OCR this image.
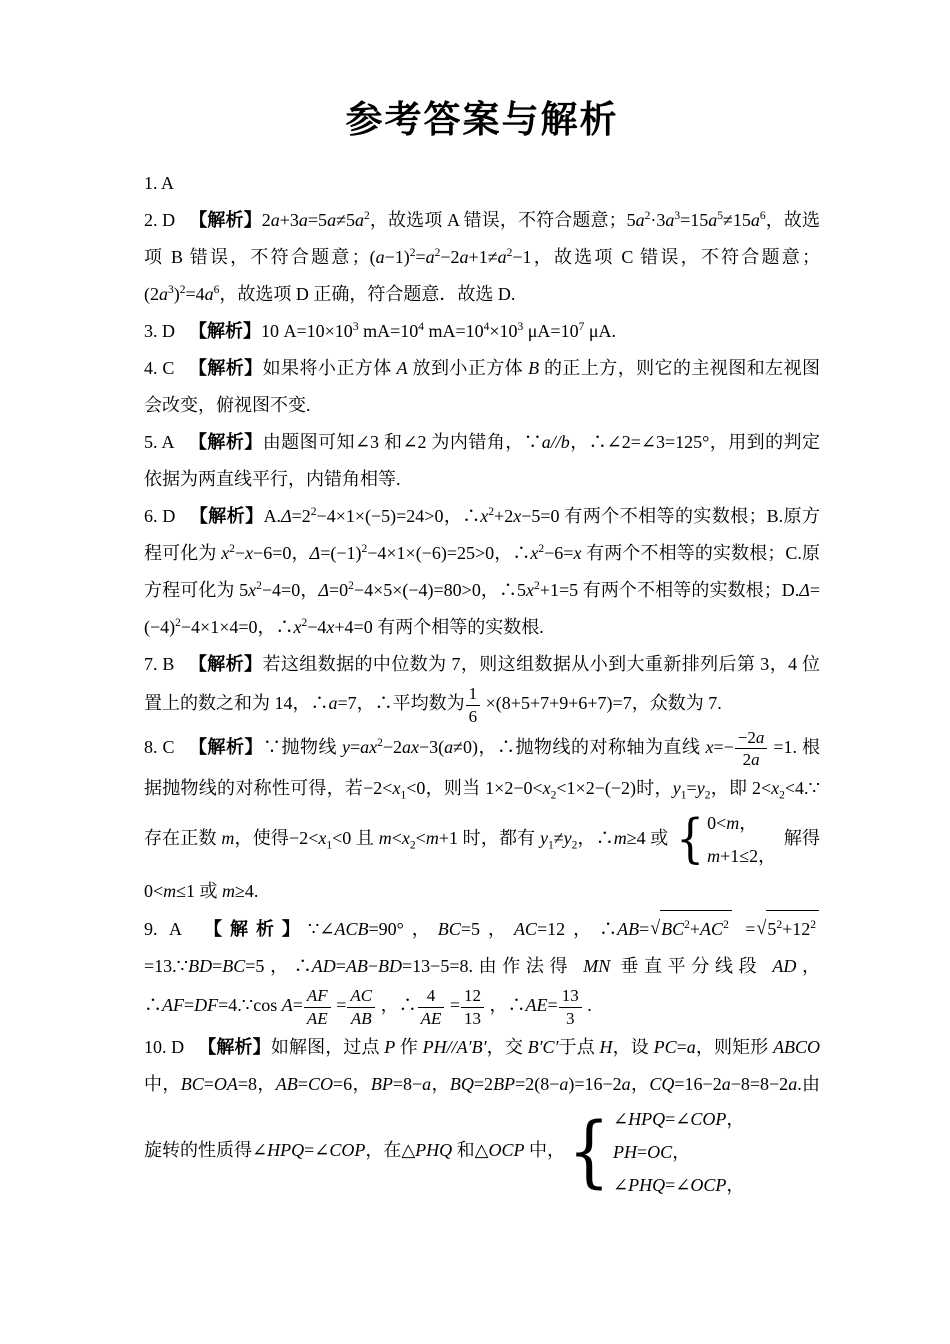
参考答案与解析

1. A

2. D 【解析】$2a+3a=5a\ne 5a^2$，故选项 A 错误，不符合题意；$5a^2\cdot 3a^3=15a^5\ne 15a^6$，故选项 B 错误，不符合题意；$(a-1)^2=a^2-2a+1\ne a^2-1$，故选项 C 错误，不符合题意；$(2a^3)^2=4a^6$，故选项 D 正确，符合题意．故选 D.

3. D 【解析】10 $A=10\times 10^3$ $mA=10^4$ $mA=10^4\times 10^3$ $\mu A=10^7$ μA.

4. C 【解析】如果将小正方体 A 放到小正方体 B 的正上方，则它的主视图和左视图会改变，俯视图不变.

5. A 【解析】由题图可知∠3 和∠2 为内错角，∵a//b，∴∠2=∠3=125°，用到的判定依据为两直线平行，内错角相等.

6. D 【解析】$A.\Delta=2^2-4\times 1\times(-5)=24>0$，$\therefore x^2+2x-5=0$ 有两个不相等的实数根；B.原方程可化为 $x^2-x-6=0$，$\Delta=(-1)^2-4\times 1\times(-6)=25>0$，$\therefore x^2-6=x$ 有两个不相等的实数根；C.原方程可化为 $5x^2-4=0$，$\Delta=0^2-4\times 5\times(-4)=80>0$，$\therefore 5x^2+1=5$ 有两个不相等的实数根；$D.\Delta=(-4)^2-4\times 1\times 4=0$，$\therefore x^2-4x+4=0$ 有两个相等的实数根.

7. B 【解析】若这组数据的中位数为 7，则这组数据从小到大重新排列后第 3，4 位置上的数之和为 14，∴a=7，∴平均数为 $\frac{1}{6} \times(8+5+7+9+6+7)=7$，众数为 7.

8. C 【解析】∵抛物线 $y=ax^2-2ax-3(a\ne 0)$，∴抛物线的对称轴为直线 $x=- \frac{-2a}{2a} =1$. 根据抛物线的对称性可得，若$-2<x_1<0$，则当 $1\times 2-0<x_2<1\times 2-(-2)$时，$y_1=y_2$，即 $2<x_2<4.\because$存在正数 m，使得$-2<x_1<0$ 且 $m<x_2<m+1$ 时，都有 $y_1\ne y_2$，∴m≥4 或 { 0<m，
m+1≤2，
解得 0<m≤1 或 m≥4.

9. A 【解析】∵∠ACB=90°，BC=5，AC=12，$\therefore AB=√BC^2+AC^2 =√5^2+12^2$ =13.∵BD=BC=5，∴AD=AB−BD=13−5=8.由作法得 MN 垂直平分线段 AD，∴AF=DF=4.∵cos $A= \frac{AF}{AE} = \frac{AC}{AB}$ ，∴ $\frac{4}{AE} = \frac{12}{13}$ ，∴AE= $\frac{13}{3}$ .

10. D 【解析】如解图，过点 P 作 PH//A′B′，交 B′C′于点 H，设 PC=a，则矩形 ABCO 中，BC=OA=8，AB=CO=6，BP=8−a，BQ=2BP=2(8−a)=16−2a，CQ=16−2a−8=8−2a.由旋转的性质得∠HPQ=∠COP，在△PHQ 和△OCP 中， { ∠HPQ=∠COP，
PH=OC，
∠PHQ=∠OCP，
